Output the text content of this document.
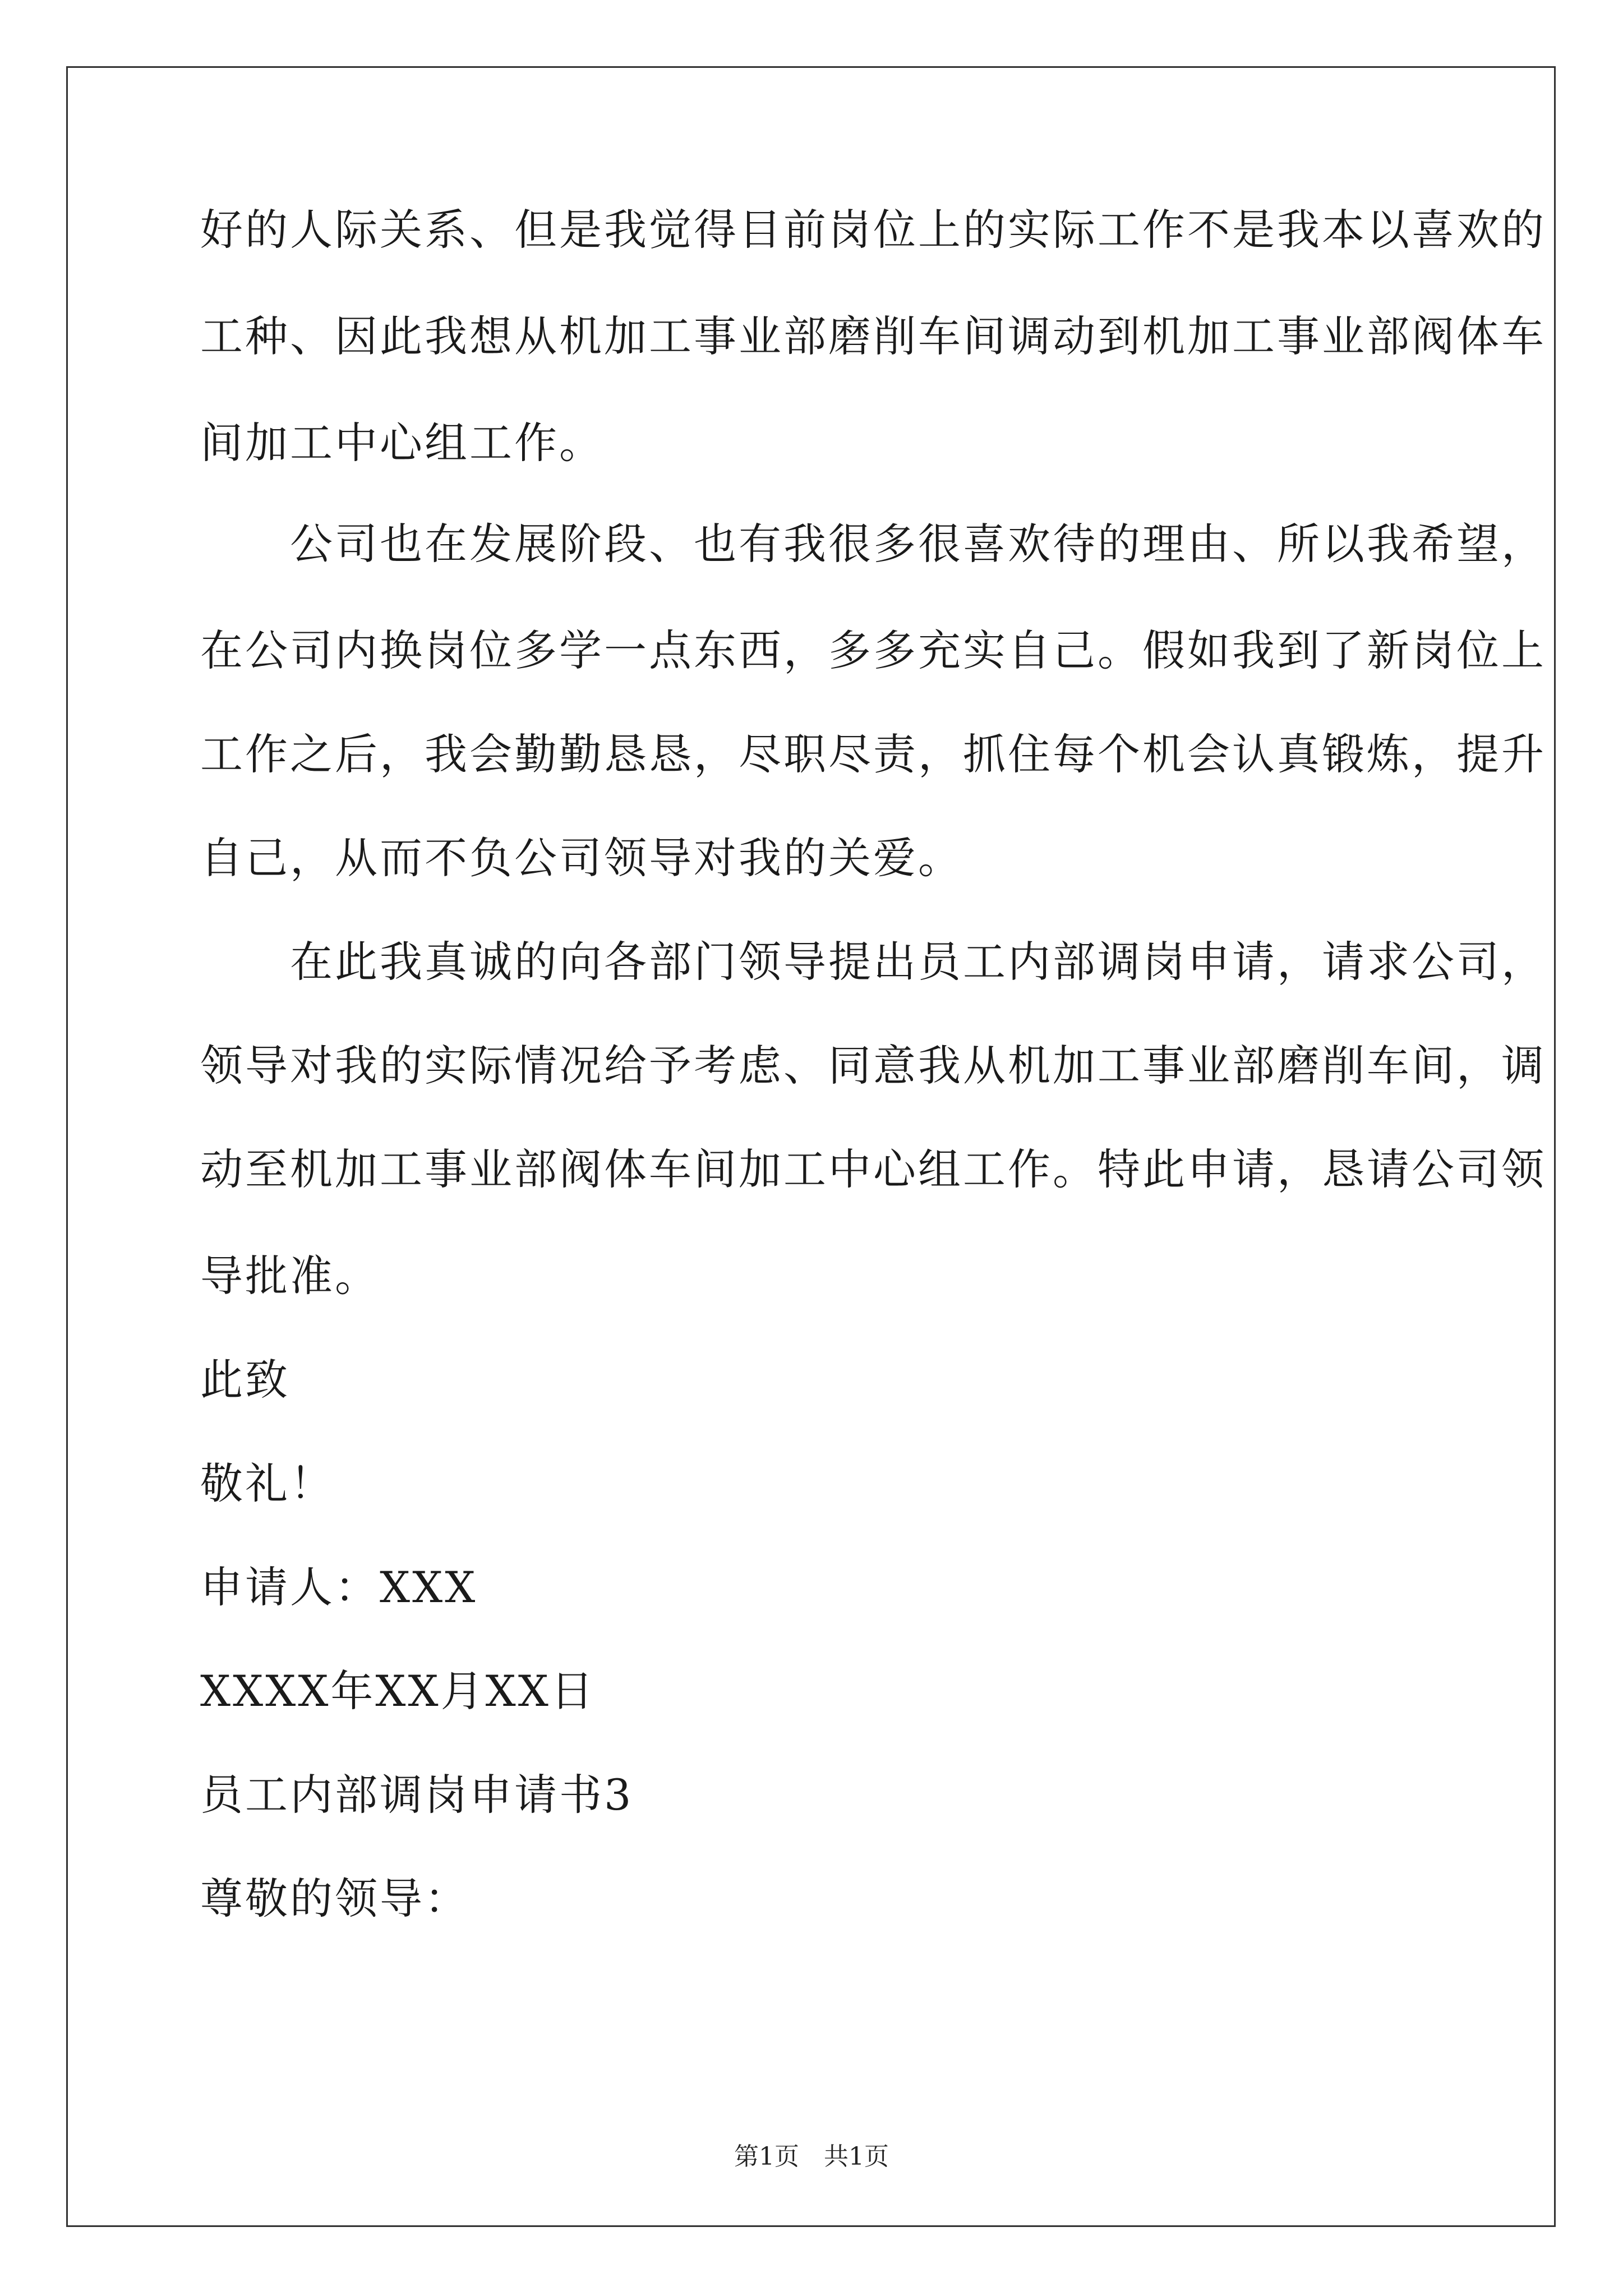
好的人际关系、但是我觉得目前岗位上的实际工作不是我本以喜欢的
工种、因此我想从机加工事业部磨削车间调动到机加工事业部阀体车
间加工中心组工作。
　　公司也在发展阶段、也有我很多很喜欢待的理由、所以我希望，
在公司内换岗位多学一点东西，多多充实自己。假如我到了新岗位上
工作之后，我会勤勤恳恳，尽职尽责，抓住每个机会认真锻炼，提升
自己，从而不负公司领导对我的关爱。
　　在此我真诚的向各部门领导提出员工内部调岗申请，请求公司，
领导对我的实际情况给予考虑、同意我从机加工事业部磨削车间，调
动至机加工事业部阀体车间加工中心组工作。特此申请，恳请公司领
导批准。
此致
敬礼！
申请人：XXX
XXXX年XX月XX日
员工内部调岗申请书3
尊敬的领导：
第1页　共1页
